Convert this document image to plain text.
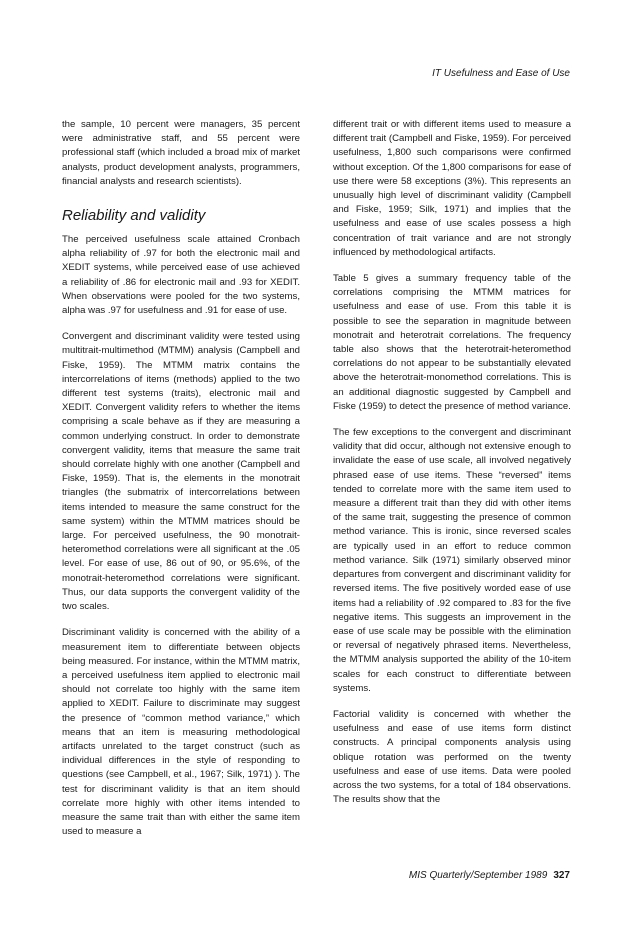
IT Usefulness and Ease of Use

the sample, 10 percent were managers, 35 percent were administrative staff, and 55 percent were professional staff (which included a broad mix of market analysts, product development analysts, programmers, financial analysts and research scientists).

Reliability and validity

The perceived usefulness scale attained Cronbach alpha reliability of .97 for both the electronic mail and XEDIT systems, while perceived ease of use achieved a reliability of .86 for electronic mail and .93 for XEDIT. When observations were pooled for the two systems, alpha was .97 for usefulness and .91 for ease of use.

Convergent and discriminant validity were tested using multitrait-multimethod (MTMM) analysis (Campbell and Fiske, 1959). The MTMM matrix contains the intercorrelations of items (methods) applied to the two different test systems (traits), electronic mail and XEDIT. Convergent validity refers to whether the items comprising a scale behave as if they are measuring a common underlying construct. In order to demonstrate convergent validity, items that measure the same trait should correlate highly with one another (Campbell and Fiske, 1959). That is, the elements in the monotrait triangles (the submatrix of intercorrelations between items intended to measure the same construct for the same system) within the MTMM matrices should be large. For perceived usefulness, the 90 monotrait-heteromethod correlations were all significant at the .05 level. For ease of use, 86 out of 90, or 95.6%, of the monotrait-heteromethod correlations were significant. Thus, our data supports the convergent validity of the two scales.

Discriminant validity is concerned with the ability of a measurement item to differentiate between objects being measured. For instance, within the MTMM matrix, a perceived usefulness item applied to electronic mail should not correlate too highly with the same item applied to XEDIT. Failure to discriminate may suggest the presence of “common method variance,” which means that an item is measuring methodological artifacts unrelated to the target construct (such as individual differences in the style of responding to questions (see Campbell, et al., 1967; Silk, 1971) ). The test for discriminant validity is that an item should correlate more highly with other items intended to measure the same trait than with either the same item used to measure a

different trait or with different items used to measure a different trait (Campbell and Fiske, 1959). For perceived usefulness, 1,800 such comparisons were confirmed without exception. Of the 1,800 comparisons for ease of use there were 58 exceptions (3%). This represents an unusually high level of discriminant validity (Campbell and Fiske, 1959; Silk, 1971) and implies that the usefulness and ease of use scales possess a high concentration of trait variance and are not strongly influenced by methodological artifacts.

Table 5 gives a summary frequency table of the correlations comprising the MTMM matrices for usefulness and ease of use. From this table it is possible to see the separation in magnitude between monotrait and heterotrait correlations. The frequency table also shows that the heterotrait-heteromethod correlations do not appear to be substantially elevated above the heterotrait-monomethod correlations. This is an additional diagnostic suggested by Campbell and Fiske (1959) to detect the presence of method variance.

The few exceptions to the convergent and discriminant validity that did occur, although not extensive enough to invalidate the ease of use scale, all involved negatively phrased ease of use items. These “reversed” items tended to correlate more with the same item used to measure a different trait than they did with other items of the same trait, suggesting the presence of common method variance. This is ironic, since reversed scales are typically used in an effort to reduce common method variance. Silk (1971) similarly observed minor departures from convergent and discriminant validity for reversed items. The five positively worded ease of use items had a reliability of .92 compared to .83 for the five negative items. This suggests an improvement in the ease of use scale may be possible with the elimination or reversal of negatively phrased items. Nevertheless, the MTMM analysis supported the ability of the 10-item scales for each construct to differentiate between systems.

Factorial validity is concerned with whether the usefulness and ease of use items form distinct constructs. A principal components analysis using oblique rotation was performed on the twenty usefulness and ease of use items. Data were pooled across the two systems, for a total of 184 observations. The results show that the

MIS Quarterly/September 1989 327
